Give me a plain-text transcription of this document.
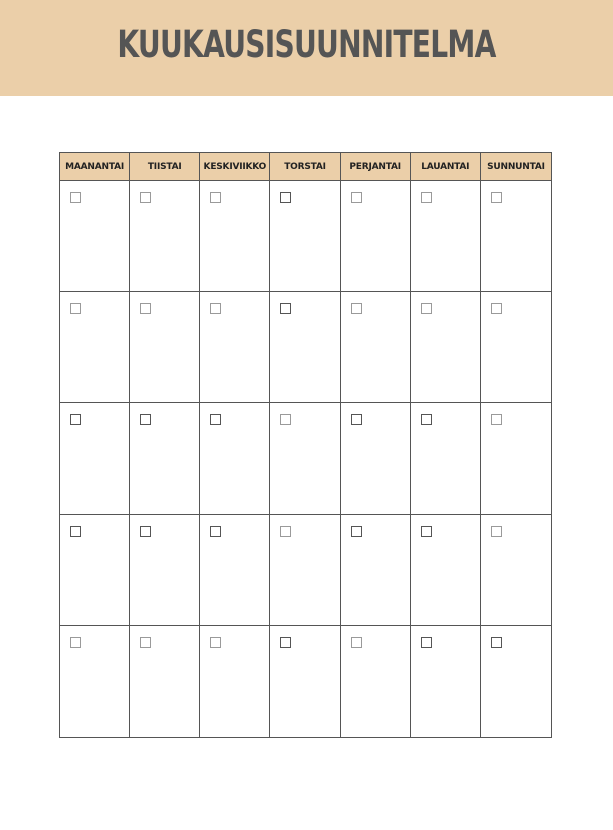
KUUKAUSISUUNNITELMA
MAANANTAI	TIISTAI	KESKIVIIKKO	TORSTAI	PERJANTAI	LAUANTAI	SUNNUNTAI
